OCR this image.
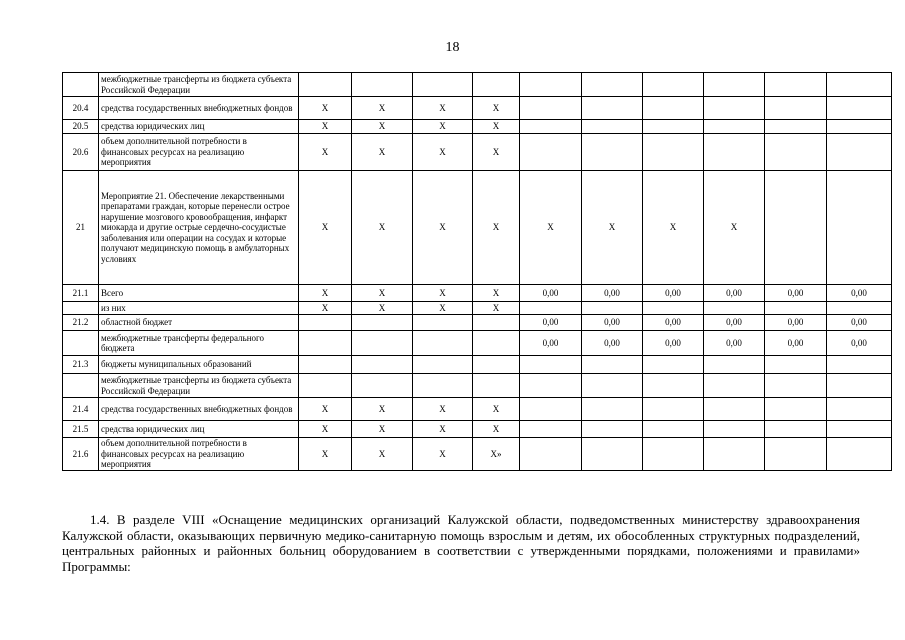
18
	межбюджетные трансферты из бюджета субъекта Российской Федерации										
20.4	средства государственных внебюджетных фондов	Х	Х	Х	Х						
20.5	средства юридических лиц	Х	Х	Х	Х						
20.6	объем дополнительной потребности в финансовых ресурсах на реализацию мероприятия	Х	Х	Х	Х						
21	Мероприятие 21. Обеспечение лекарственными препаратами граждан, которые перенесли острое нарушение мозгового кровообращения, инфаркт миокарда и другие острые сердечно-сосудистые заболевания или операции на сосудах и которые получают медицинскую помощь в амбулаторных условиях	Х	Х	Х	Х	Х	Х	Х	Х		
21.1	Всего	Х	Х	Х	Х	0,00	0,00	0,00	0,00	0,00	0,00
	из них	Х	Х	Х	Х						
21.2	областной бюджет					0,00	0,00	0,00	0,00	0,00	0,00
	межбюджетные трансферты федерального бюджета					0,00	0,00	0,00	0,00	0,00	0,00
21.3	бюджеты муниципальных образований										
	межбюджетные трансферты из бюджета субъекта Российской Федерации										
21.4	средства государственных внебюджетных фондов	Х	Х	Х	Х						
21.5	средства юридических лиц	Х	Х	Х	Х						
21.6	объем дополнительной потребности в финансовых ресурсах на реализацию мероприятия	Х	Х	Х	Х»						
1.4. В разделе VIII «Оснащение медицинских организаций Калужской области, подведомственных министерству здравоохранения Калужской области, оказывающих первичную медико-санитарную помощь взрослым и детям, их обособленных структурных подразделений, центральных районных и районных больниц оборудованием в соответствии с утвержденными порядками, положениями и правилами» Программы:
